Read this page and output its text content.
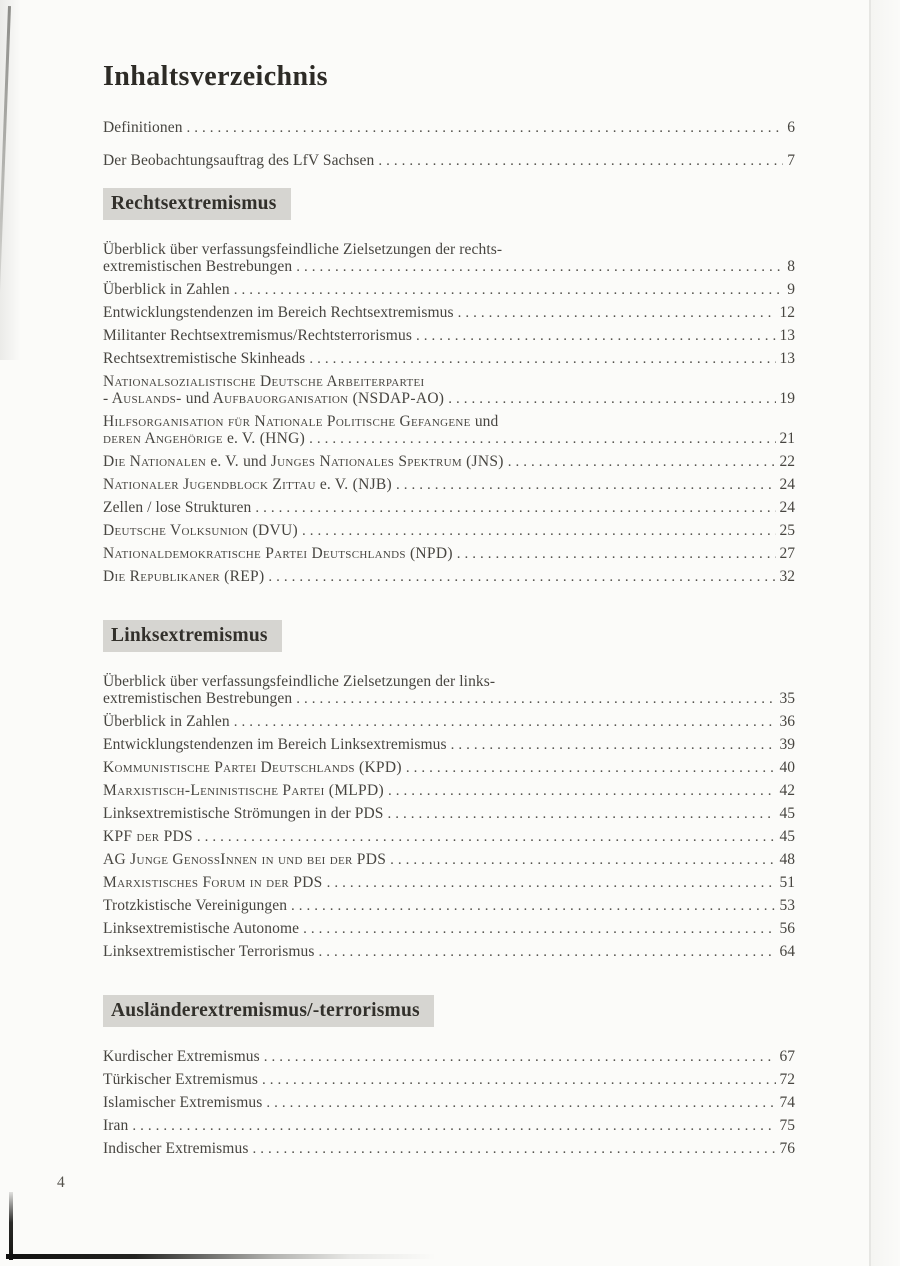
Inhaltsverzeichnis
Definitionen .....	6
Der Beobachtungsauftrag des LfV Sachsen .....	7
Rechtsextremismus
Überblick über verfassungsfeindliche Zielsetzungen der rechts-
extremistischen Bestrebungen .....	8
Überblick in Zahlen .....	9
Entwicklungstendenzen im Bereich Rechtsextremismus .....	12
Militanter Rechtsextremismus/Rechtsterrorismus .....	13
Rechtsextremistische Skinheads .....	13
Nationalsozialistische Deutsche Arbeiterpartei
- Auslands- und Aufbauorganisation (NSDAP-AO) .....	19
Hilfsorganisation für Nationale Politische Gefangene und
deren Angehörige e. V. (HNG) .....	21
Die Nationalen e. V. und Junges Nationales Spektrum (JNS) .....	22
Nationaler Jugendblock Zittau e. V. (NJB) .....	24
Zellen / lose Strukturen .....	24
Deutsche Volksunion (DVU) .....	25
Nationaldemokratische Partei Deutschlands (NPD) .....	27
Die Republikaner (REP) .....	32
Linksextremismus
Überblick über verfassungsfeindliche Zielsetzungen der links-
extremistischen Bestrebungen .....	35
Überblick in Zahlen .....	36
Entwicklungstendenzen im Bereich Linksextremismus .....	39
Kommunistische Partei Deutschlands (KPD) .....	40
Marxistisch-Leninistische Partei (MLPD) .....	42
Linksextremistische Strömungen in der PDS .....	45
KPF der PDS .....	45
AG Junge GenossInnen in und bei der PDS .....	48
Marxistisches Forum in der PDS .....	51
Trotzkistische Vereinigungen .....	53
Linksextremistische Autonome .....	56
Linksextremistischer Terrorismus .....	64
Ausländerextremismus/-terrorismus
Kurdischer Extremismus .....	67
Türkischer Extremismus .....	72
Islamischer Extremismus .....	74
Iran .....	75
Indischer Extremismus .....	76
4
